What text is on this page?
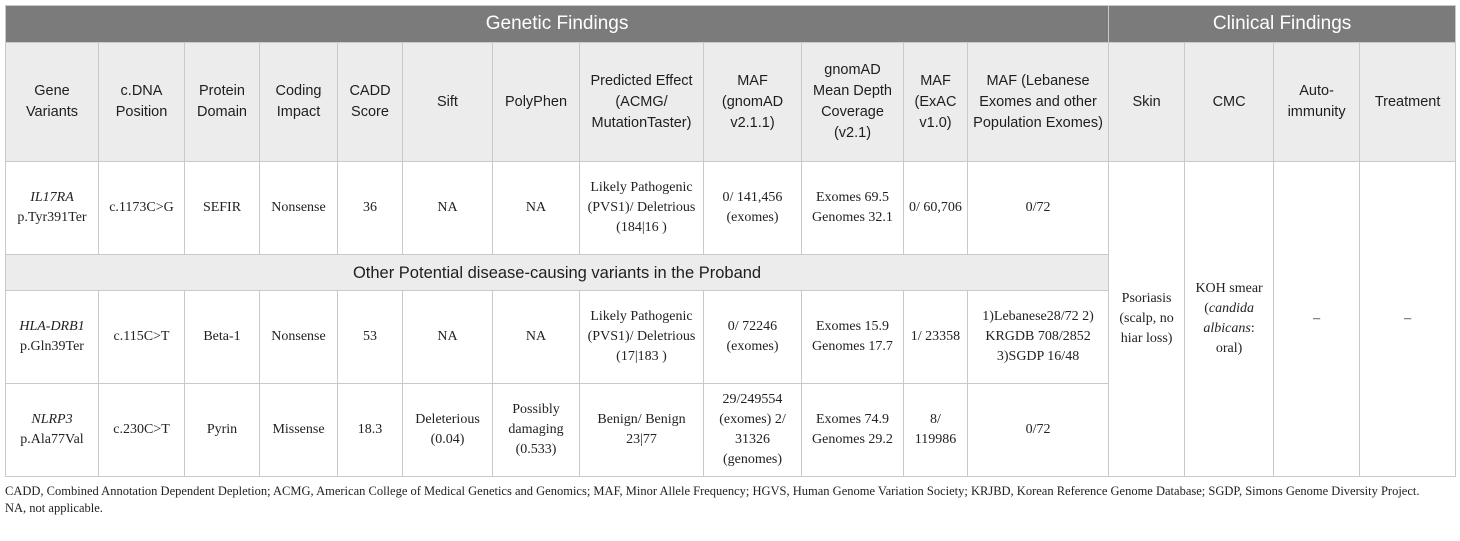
Genetic Findings												Clinical Findings			
Gene Variants	c.DNA Position	Protein Domain	Coding Impact	CADD Score	Sift	PolyPhen	Predicted Effect (ACMG/ MutationTaster)	MAF (gnomAD v2.1.1)	gnomAD Mean Depth Coverage (v2.1)	MAF (ExAC v1.0)	MAF (Lebanese Exomes and other Population Exomes)	Skin	CMC	Auto-immunity	Treatment

IL17RA
p.Tyr391Ter	c.1173C>G	SEFIR	Nonsense	36	NA	NA	Likely Pathogenic (PVS1)/ Deletrious (184|16 )	0/ 141,456 (exomes)	Exomes 69.5 Genomes 32.1	0/ 60,706	0/72	Psoriasis (scalp, no hiar loss)	KOH smear (candida albicans: oral)	–	–
Other Potential disease-causing variants in the Proband															

HLA-DRB1
p.Gln39Ter	c.115C>T	Beta-1	Nonsense	53	NA	NA	Likely Pathogenic (PVS1)/ Deletrious (17|183 )	0/ 72246 (exomes)	Exomes 15.9 Genomes 17.7	1/ 23358	1)Lebanese28/72 2) KRGDB 708/2852 3)SGDP 16/48				

NLRP3
p.Ala77Val	c.230C>T	Pyrin	Missense	18.3	Deleterious (0.04)	Possibly damaging (0.533)	Benign/ Benign 23|77	29/249554 (exomes) 2/ 31326 (genomes)	Exomes 74.9 Genomes 29.2	8/ 119986	0/72				

CADD, Combined Annotation Dependent Depletion; ACMG, American College of Medical Genetics and Genomics; MAF, Minor Allele Frequency; HGVS, Human Genome Variation Society; KRJBD, Korean Reference Genome Database; SGDP, Simons Genome Diversity Project.

NA, not applicable.
